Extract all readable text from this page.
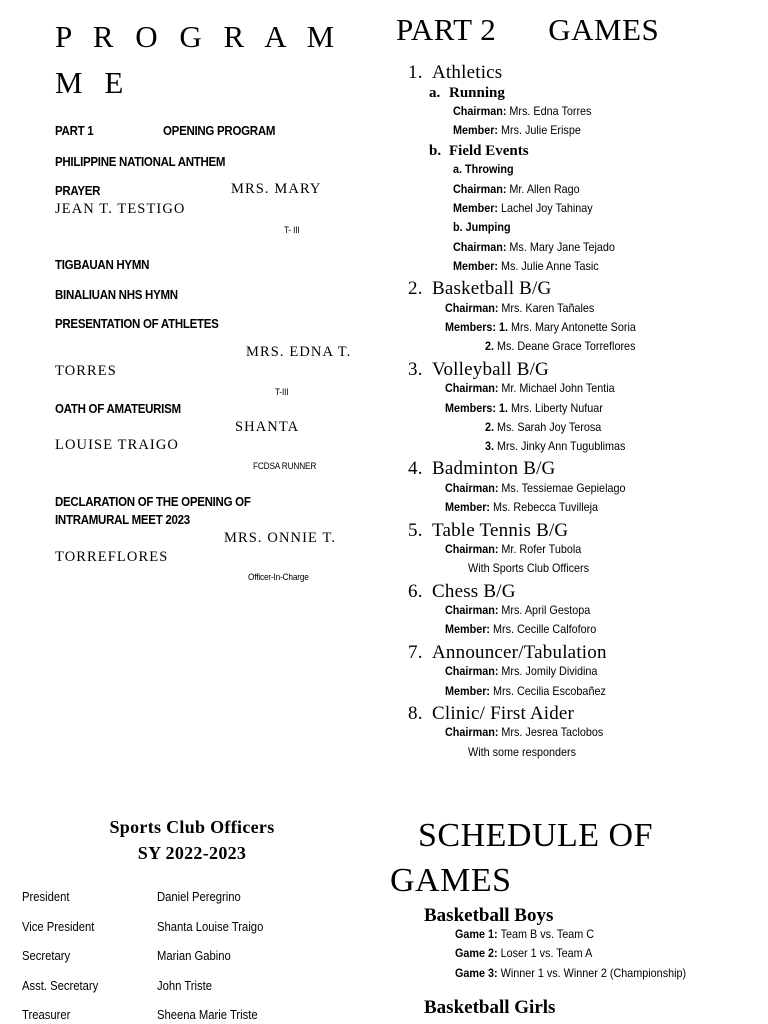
P R O G R A M M E
PART 1	OPENING PROGRAM
PHILIPPINE NATIONAL ANTHEM
PRAYER	MRS. MARY
JEAN T. TESTIGO
T- III
TIGBAUAN HYMN
BINALIUAN NHS HYMN
PRESENTATION OF ATHLETES
MRS. EDNA T.
TORRES
T-III
OATH OF AMATEURISM
SHANTA
LOUISE TRAIGO
FCDSA RUNNER
DECLARATION OF THE OPENING OF
INTRAMURAL MEET 2023
MRS. ONNIE T.
TORREFLORES
Officer-In-Charge
Sports Club Officers
SY 2022-2023
President	Daniel Peregrino
Vice President	Shanta Louise Traigo
Secretary	Marian Gabino
Asst. Secretary	John Triste
Treasurer	Sheena Marie Triste
PART 2 GAMES
1. Athletics
a. Running
Chairman: Mrs. Edna Torres
Member: Mrs. Julie Erispe
b. Field Events
a. Throwing
Chairman: Mr. Allen Rago
Member: Lachel Joy Tahinay
b. Jumping
Chairman: Ms. Mary Jane Tejado
Member: Ms. Julie Anne Tasic
2. Basketball B/G
Chairman: Mrs. Karen Tañales
Members: 1. Mrs. Mary Antonette Soria
2. Ms. Deane Grace Torreflores
3. Volleyball B/G
Chairman: Mr. Michael John Tentia
Members: 1. Mrs. Liberty Nufuar
2. Ms. Sarah Joy Terosa
3. Mrs. Jinky Ann Tugublimas
4. Badminton B/G
Chairman: Ms. Tessiemae Gepielago
Member: Ms. Rebecca Tuvilleja
5. Table Tennis B/G
Chairman: Mr. Rofer Tubola
With Sports Club Officers
6. Chess B/G
Chairman: Mrs. April Gestopa
Member: Mrs. Cecille Calfoforo
7. Announcer/Tabulation
Chairman: Mrs. Jomily Dividina
Member: Mrs. Cecilia Escobañez
8. Clinic/ First Aider
Chairman: Mrs. Jesrea Taclobos
With some responders
SCHEDULE OF
GAMES
Basketball Boys
Game 1: Team B vs. Team C
Game 2: Loser 1 vs. Team A
Game 3: Winner 1 vs. Winner 2 (Championship)
Basketball Girls
